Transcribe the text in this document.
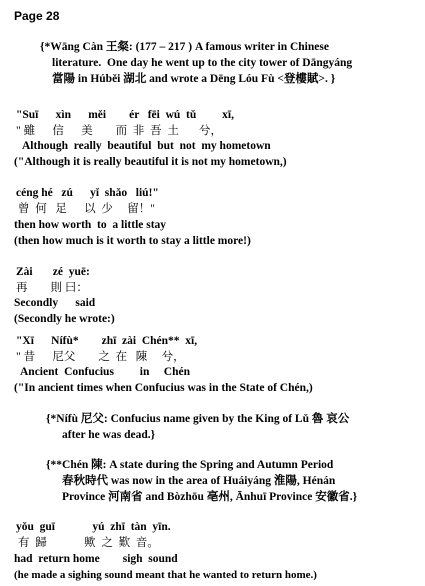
Page 28
{*Wāng Càn 王粲: (177 – 217 ) A famous writer in Chinese
literature.  One day he went up to the city tower of Dāngyáng
當陽 in Húběi 湖北 and wrote a Dēng Lóu Fù <登樓賦>. }
"Suī      xìn      měi        ér   fēi  wú  tǔ         xī,
" 雖      信      美        而  非  吾  土       兮，
Although  really  beautiful  but  not  my hometown
("Although it is really beautiful it is not my hometown,)
céng hé   zú      yǐ  shǎo   liú!"
曾  何   足      以  少     留！"
then how worth  to  a little stay
(then how much is it worth to stay a little more!)
Zài       zé  yuē:
再        則 曰：
Secondly      said
(Secondly he wrote:)
"Xī      Nífù*        zhī  zài  Chén**  xī,
" 昔      尼父        之  在   陳     兮，
Ancient  Confucius         in     Chén
("In ancient times when Confucius was in the State of Chén,)
{*Nífù 尼父: Confucius name given by the King of Lǔ 魯 哀公
after he was dead.}
{**Chén 陳: A state during the Spring and Autumn Period
春秋時代 was now in the area of Huáiyáng 淮陽, Hénán
Province 河南省 and Bòzhōu 亳州, Ānhuī Province 安徽省.}
yǒu  guī             yú  zhī  tàn  yīn.
有  歸             歟  之  歎  音。
had  return home        sigh  sound
(he made a sighing sound meant that he wanted to return home.)
